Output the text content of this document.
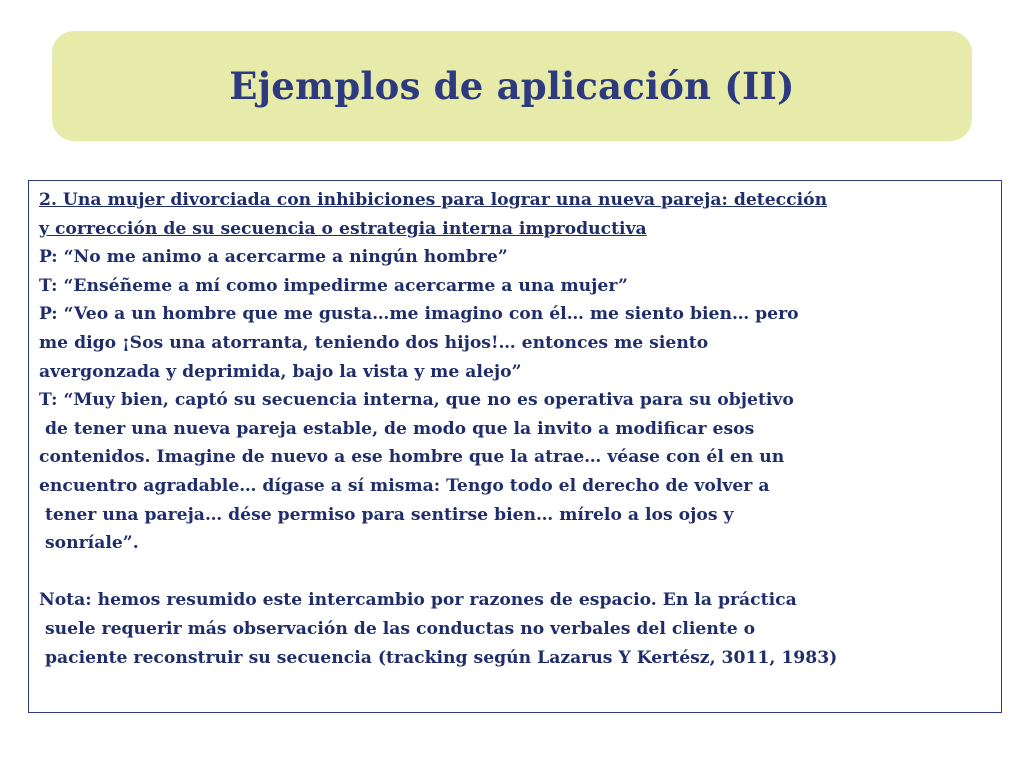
Ejemplos de aplicación (II)
2. Una mujer divorciada con inhibiciones para lograr una nueva pareja: detección
y corrección de su secuencia o estrategia interna improductiva
P: “No me animo a acercarme a ningún hombre”
T: “Enséñeme a mí como impedirme acercarme a una mujer”
P: “Veo a un hombre que me gusta…me imagino con él… me siento bien… pero
me digo ¡Sos una atorranta, teniendo dos hijos!… entonces me siento
avergonzada y deprimida, bajo la vista y me alejo”
T: “Muy bien, captó su secuencia interna, que no es operativa para su objetivo
de tener una nueva pareja estable, de modo que la invito a modificar esos
contenidos. Imagine de nuevo a ese hombre que la atrae… véase con él en un
encuentro agradable… dígase a sí misma: Tengo todo el derecho de volver a
tener una pareja… dése permiso para sentirse bien… mírelo a los ojos y
sonríale”.
Nota: hemos resumido este intercambio por razones de espacio. En la práctica
suele requerir más observación de las conductas no verbales del cliente o
paciente reconstruir su secuencia (tracking según Lazarus Y Kertész, 3011, 1983)
